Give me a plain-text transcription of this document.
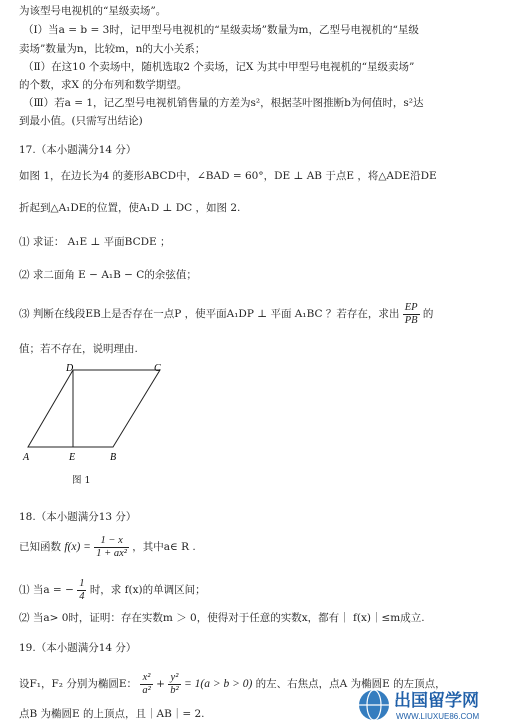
为该型号电视机的“星级卖场”。
（Ⅰ）当a = b = 3时，记甲型号电视机的“星级卖场”数量为m，乙型号电视机的“星级
卖场”数量为n，比较m，n的大小关系；
（Ⅱ）在这10 个卖场中，随机选取2 个卖场，记X 为其中甲型号电视机的“星级卖场”
的个数，求X 的分布列和数学期望。
（Ⅲ）若a = 1，记乙型号电视机销售量的方差为s²，根据茎叶图推断b为何值时，s²达
到最小值。(只需写出结论)
17.（本小题满分14 分）
如图 1，在边长为4 的菱形ABCD中，∠BAD = 60°，DE ⊥ AB 于点E ，将△ADE沿DE
折起到△A₁DE的位置，使A₁D ⊥ DC ，如图 2.
⑴ 求证： A₁E ⊥ 平面BCDE ；
⑵ 求二面角 E − A₁B − C的余弦值；
⑶ 判断在线段EB上是否存在一点P ，使平面A₁DP ⊥ 平面 A₁BC ？若存在，求出 $\frac{EP}{PB}$ 的
值；若不存在，说明理由.
D	C
A	E	B
图 1
18.（本小题满分13 分）
已知函数 $f(x) = \frac{1 - x}{\text{1 + ax²}}$ ，其中a∈ R .
⑴ 当a = − $\frac{1}{4}$ 时，求 f(x)的单调区间；
⑵ 当a> 0时，证明：存在实数m ＞ 0，使得对于任意的实数x，都有｜ f(x)｜≤m成立.
19.（本小题满分14 分）
设F₁，F₂ 分别为椭圆E： $\frac{\text{x²}}{\text{a²}} + \frac{\text{y²}}{\text{b²}} = 1(a > b > 0)$ 的左、右焦点，点A 为椭圆E 的左顶点，
点B 为椭圆E 的上顶点，且｜AB｜= 2.
出国留学网
WWW.LIUXUE86.COM
